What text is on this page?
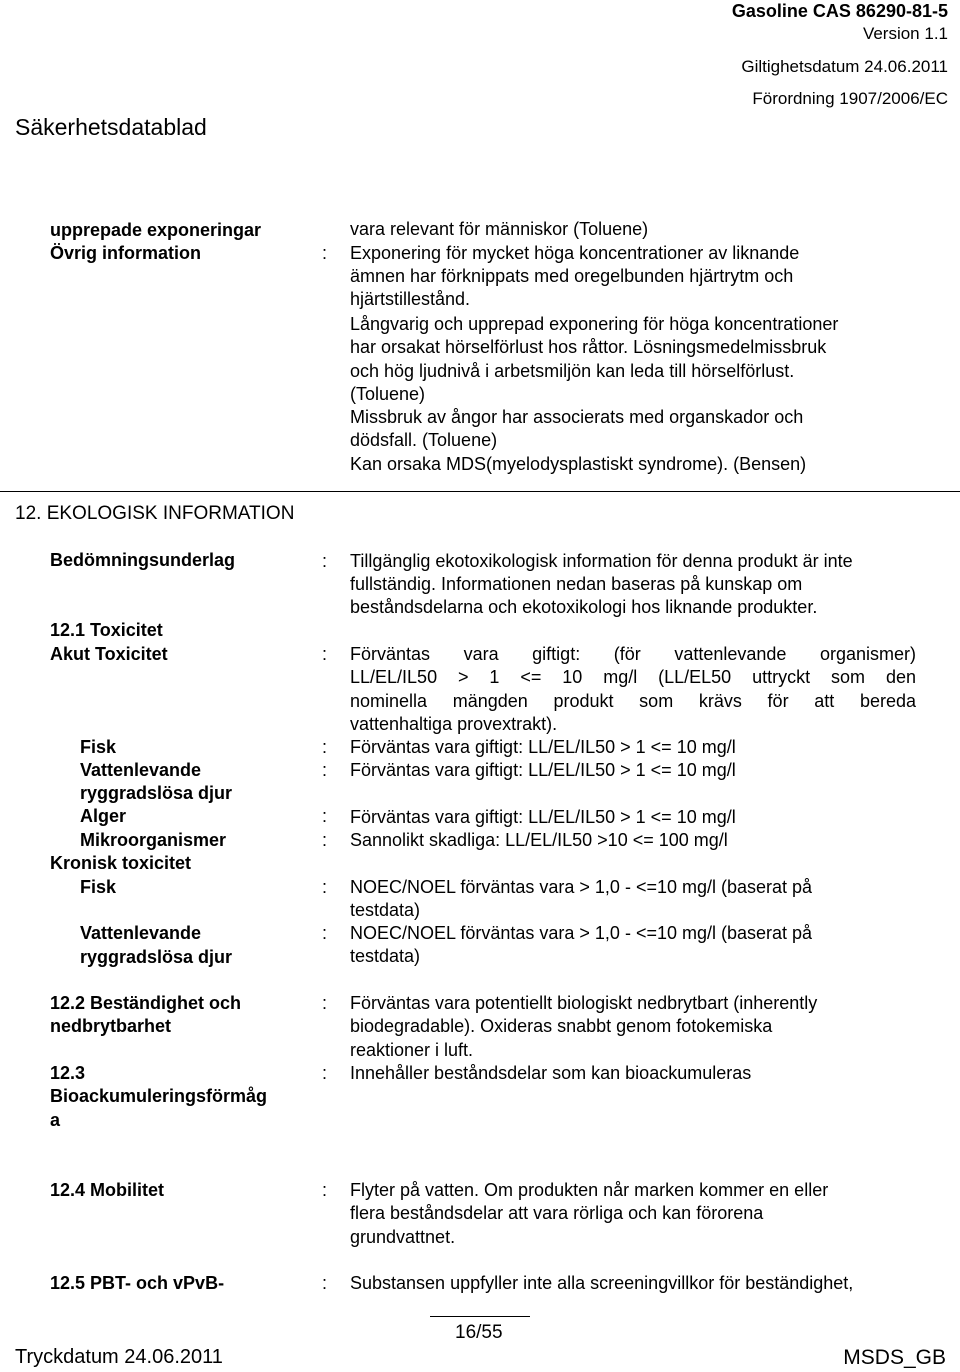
Gasoline CAS 86290-81-5
Version 1.1
Giltighetsdatum 24.06.2011
Förordning 1907/2006/EC
Säkerhetsdatablad
upprepade exponeringar	vara relevant för människor (Toluene)
Övrig information	: Exponering för mycket höga koncentrationer av liknande
ämnen har förknippats med oregelbunden hjärtrytm och
hjärtstillestånd.
Långvarig och upprepad exponering för höga koncentrationer
har orsakat hörselförlust hos råttor. Lösningsmedelmissbruk
och hög ljudnivå i arbetsmiljön kan leda till hörselförlust.
(Toluene)
Missbruk av ångor har associerats med organskador och
dödsfall. (Toluene)
Kan orsaka MDS(myelodysplastiskt syndrome). (Bensen)
12. EKOLOGISK INFORMATION
Bedömningsunderlag	: Tillgänglig ekotoxikologisk information för denna produkt är inte
fullständig. Informationen nedan baseras på kunskap om
beståndsdelarna och ekotoxikologi hos liknande produkter.
12.1 Toxicitet
Akut Toxicitet	: Förväntas vara giftigt: (för vattenlevande organismer)
LL/EL/IL50 > 1 <= 10 mg/l (LL/EL50 uttryckt som den
nominella mängden produkt som krävs för att bereda
vattenhaltiga provextrakt).
Fisk	: Förväntas vara giftigt: LL/EL/IL50 > 1 <= 10 mg/l
Vattenlevande
ryggradslösa djur
: Förväntas vara giftigt: LL/EL/IL50 > 1 <= 10 mg/l
Alger	: Förväntas vara giftigt: LL/EL/IL50 > 1 <= 10 mg/l
Mikroorganismer	: Sannolikt skadliga: LL/EL/IL50 >10 <= 100 mg/l
Kronisk toxicitet
Fisk	: NOEC/NOEL förväntas vara > 1,0 - <=10 mg/l (baserat på
testdata)
Vattenlevande
ryggradslösa djur
: NOEC/NOEL förväntas vara > 1,0 - <=10 mg/l (baserat på
testdata)
12.2 Beständighet och
nedbrytbarhet
: Förväntas vara potentiellt biologiskt nedbrytbart (inherently
biodegradable). Oxideras snabbt genom fotokemiska
reaktioner i luft.
12.3
Bioackumuleringsförmåg
a
: Innehåller beståndsdelar som kan bioackumuleras
12.4 Mobilitet	: Flyter på vatten. Om produkten når marken kommer en eller
flera beståndsdelar att vara rörliga och kan förorena
grundvattnet.
12.5 PBT- och vPvB-	: Substansen uppfyller inte alla screeningvillkor för beständighet,
16/55
Tryckdatum 24.06.2011	MSDS_GB
